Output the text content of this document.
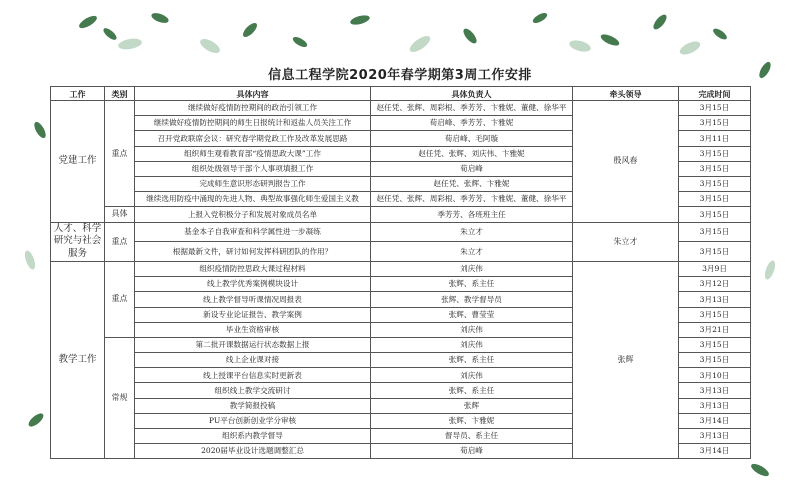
信息工程学院2020年春学期第3周工作安排
工作	类别	具体内容	具体负责人	牵头领导	完成时间
党建工作	重点	继续做好疫情防控期间的政治引领工作	赵任凭、张辉、周彩根、季芳芳、卞雅妮、董健、徐华平	殷风春	3月15日
		继续做好疫情防控期间的师生日报统计和返盐人员关注工作	荀启峰、季芳芳、卞雅妮		3月15日
		召开党政联席会议：研究春学期党政工作及改革发展思路	荀启峰、毛阿璇		3月11日
		组织师生观看教育部“疫情思政大课”工作	赵任凭、张辉、刘庆伟、卞雅妮		3月15日
		组织处级领导干部个人事项填报工作	荀启峰		3月15日
		完成师生意识形态研判报告工作	赵任凭、张辉、卞雅妮		3月15日
		继续选用防疫中涌现的先进人物、典型故事强化师生爱国主义教	赵任凭、张辉、周彩根、季芳芳、卞雅妮、董健、徐华平		3月15日
	具体	上报入党积极分子和发展对象成员名单	季芳芳、各班班主任		3月15日
人才、科学研究与社会服务	重点	基金本子自我审查和科学属性进一步凝练	朱立才	朱立才	3月15日
		根据最新文件，研讨如何发挥科研团队的作用？	朱立才		3月15日
教学工作	重点	组织疫情防控思政大课过程材料	刘庆伟	张辉	3月9日
		线上教学优秀案例模块设计	张辉、系主任		3月12日
		线上教学督导听课情况周报表	张辉、教学督导员		3月13日
		新设专业论证报告、教学案例	张辉、曹莹莹		3月15日
		毕业生资格审核	刘庆伟		3月21日
	常规	第二批开课数据运行状态数据上报	刘庆伟		3月15日
		线上企业课对接	张辉、系主任		3月15日
		线上授课平台信息实时更新表	刘庆伟		3月10日
		组织线上教学交流研讨	张辉、系主任		3月13日
		教学简报投稿	张辉		3月13日
		PU平台创新创业学分审核	张辉、卞雅妮		3月14日
		组织系内教学督导	督导员、系主任		3月13日
		2020届毕业设计选题调整汇总	荀启峰		3月14日
